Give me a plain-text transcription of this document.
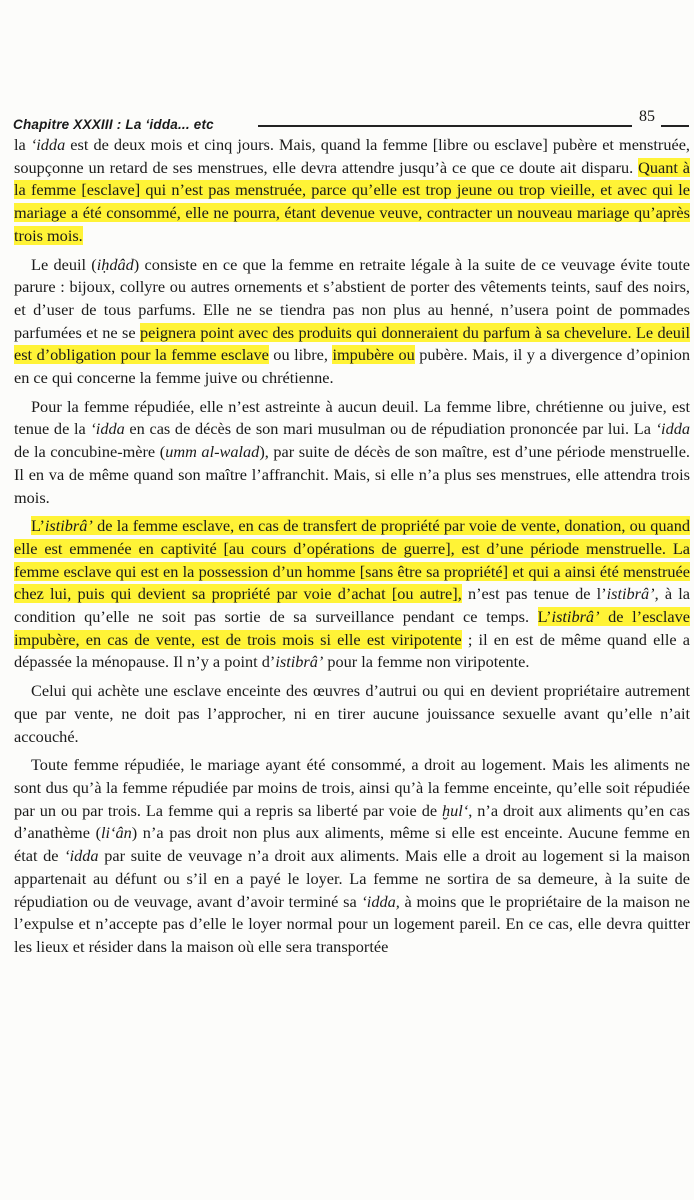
Chapitre XXXIII : La ‘idda... etc	85

la ‘idda est de deux mois et cinq jours. Mais, quand la femme [libre ou esclave] pubère et menstruée, soupçonne un retard de ses menstrues, elle devra attendre jusqu’à ce que ce doute ait disparu. Quant à la femme [esclave] qui n’est pas menstruée, parce qu’elle est trop jeune ou trop vieille, et avec qui le mariage a été consommé, elle ne pourra, étant devenue veuve, contracter un nouveau mariage qu’après trois mois.

Le deuil (iḥdâd) consiste en ce que la femme en retraite légale à la suite de ce veuvage évite toute parure : bijoux, collyre ou autres ornements et s’abstient de porter des vêtements teints, sauf des noirs, et d’user de tous parfums. Elle ne se tiendra pas non plus au henné, n’usera point de pommades parfumées et ne se peignera point avec des produits qui donneraient du parfum à sa chevelure. Le deuil est d’obligation pour la femme esclave ou libre, impubère ou pubère. Mais, il y a divergence d’opinion en ce qui concerne la femme juive ou chrétienne.

Pour la femme répudiée, elle n’est astreinte à aucun deuil. La femme libre, chrétienne ou juive, est tenue de la ‘idda en cas de décès de son mari musulman ou de répudiation prononcée par lui. La ‘idda de la concubine-mère (umm al-walad), par suite de décès de son maître, est d’une période menstruelle. Il en va de même quand son maître l’affranchit. Mais, si elle n’a plus ses menstrues, elle attendra trois mois.

L’istibrâ’ de la femme esclave, en cas de transfert de propriété par voie de vente, donation, ou quand elle est emmenée en captivité [au cours d’opérations de guerre], est d’une période menstruelle. La femme esclave qui est en la possession d’un homme [sans être sa propriété] et qui a ainsi été menstruée chez lui, puis qui devient sa propriété par voie d’achat [ou autre], n’est pas tenue de l’istibrâ’, à la condition qu’elle ne soit pas sortie de sa surveillance pendant ce temps. L’istibrâ’ de l’esclave impubère, en cas de vente, est de trois mois si elle est viripotente ; il en est de même quand elle a dépassée la ménopause. Il n’y a point d’istibrâ’ pour la femme non viripotente.

Celui qui achète une esclave enceinte des œuvres d’autrui ou qui en devient propriétaire autrement que par vente, ne doit pas l’approcher, ni en tirer aucune jouissance sexuelle avant qu’elle n’ait accouché.

Toute femme répudiée, le mariage ayant été consommé, a droit au logement. Mais les aliments ne sont dus qu’à la femme répudiée par moins de trois, ainsi qu’à la femme enceinte, qu’elle soit répudiée par un ou par trois. La femme qui a repris sa liberté par voie de ḫul‘, n’a droit aux aliments qu’en cas d’anathème (li‘ân) n’a pas droit non plus aux aliments, même si elle est enceinte. Aucune femme en état de ‘idda par suite de veuvage n’a droit aux aliments. Mais elle a droit au logement si la maison appartenait au défunt ou s’il en a payé le loyer. La femme ne sortira de sa demeure, à la suite de répudiation ou de veuvage, avant d’avoir terminé sa ‘idda, à moins que le propriétaire de la maison ne l’expulse et n’accepte pas d’elle le loyer normal pour un logement pareil. En ce cas, elle devra quitter les lieux et résider dans la maison où elle sera transportée
